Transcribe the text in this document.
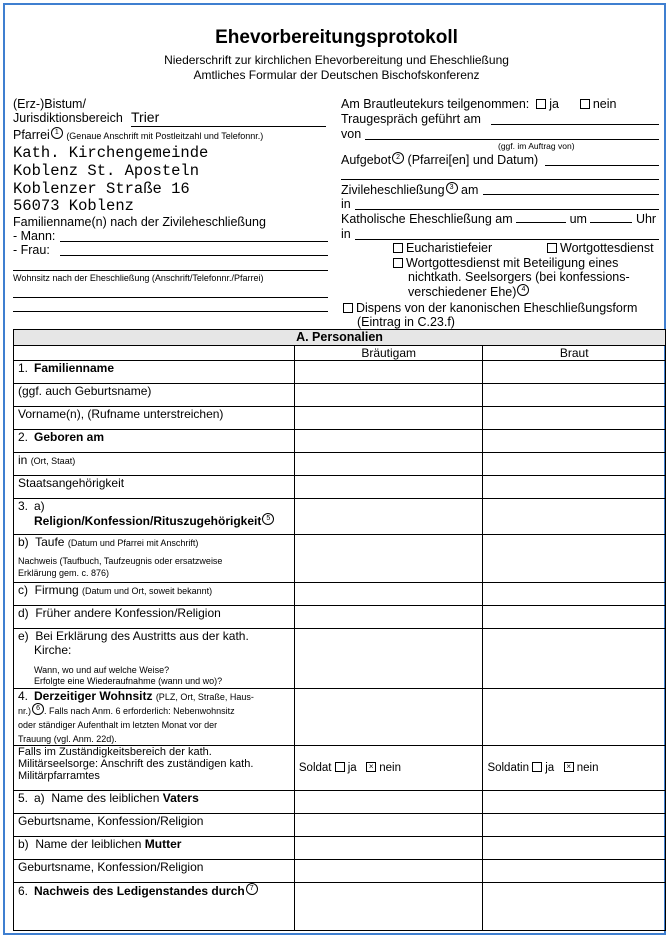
Ehevorbereitungsprotokoll
Niederschrift zur kirchlichen Ehevorbereitung und Eheschließung
Amtliches Formular der Deutschen Bischofskonferenz
(Erz-)Bistum/
Jurisdiktionsbereich Trier
Pfarrei 1 (Genaue Anschrift mit Postleitzahl und Telefonnr.)
Kath. Kirchengemeinde
Koblenz St. Aposteln
Koblenzer Straße 16
56073 Koblenz
Familienname(n) nach der Zivileheschließung
- Mann:
- Frau:
Wohnsitz nach der Eheschließung (Anschrift/Telefonnr./Pfarrei)
Am Brautleutekurs teilgenommen: ja	nein
Traugespräch geführt am
von
(ggf. im Auftrag von)
Aufgebot 2 (Pfarrei[en] und Datum)
Zivileheschließung 3 am
in
Katholische Eheschließung am	um	Uhr
in
Eucharistiefeier	Wortgottesdienst
Wortgottesdienst mit Beteiligung eines
nichtkath. Seelsorgers (bei konfessions-
verschiedener Ehe) 4
Dispens von der kanonischen Eheschließungsform
(Eintrag in C.23.f)
A. Personalien		
	Bräutigam	Braut
1. Familienname		
(ggf. auch Geburtsname)		
Vorname(n), (Rufname unterstreichen)		
2. Geboren am		
in (Ort, Staat)		
Staatsangehörigkeit		
3. a)
Religion/Konfession/Rituszugehörigkeit 5		
b) Taufe (Datum und Pfarrei mit Anschrift)
Nachweis (Taufbuch, Taufzeugnis oder ersatzweise
Erklärung gem. c. 876)		
c) Firmung (Datum und Ort, soweit bekannt)		
d) Früher andere Konfession/Religion		
e) Bei Erklärung des Austritts aus der kath.
Kirche:
Wann, wo und auf welche Weise?
Erfolgte eine Wiederaufnahme (wann und wo)?		
4. Derzeitiger Wohnsitz (PLZ, Ort, Straße, Haus-
nr.) 6 . Falls nach Anm. 6 erforderlich: Nebenwohnsitz
oder ständiger Aufenthalt im letzten Monat vor der
Trauung (vgl. Anm. 22d).		
Falls im Zuständigkeitsbereich der kath.
Militärseelsorge: Anschrift des zuständigen kath.
Militärpfarramtes	Soldat ja × nein	Soldatin ja × nein
5. a) Name des leiblichen Vaters		
Geburtsname, Konfession/Religion		
b) Name der leiblichen Mutter		
Geburtsname, Konfession/Religion		
6. Nachweis des Ledigenstandes durch 7		
